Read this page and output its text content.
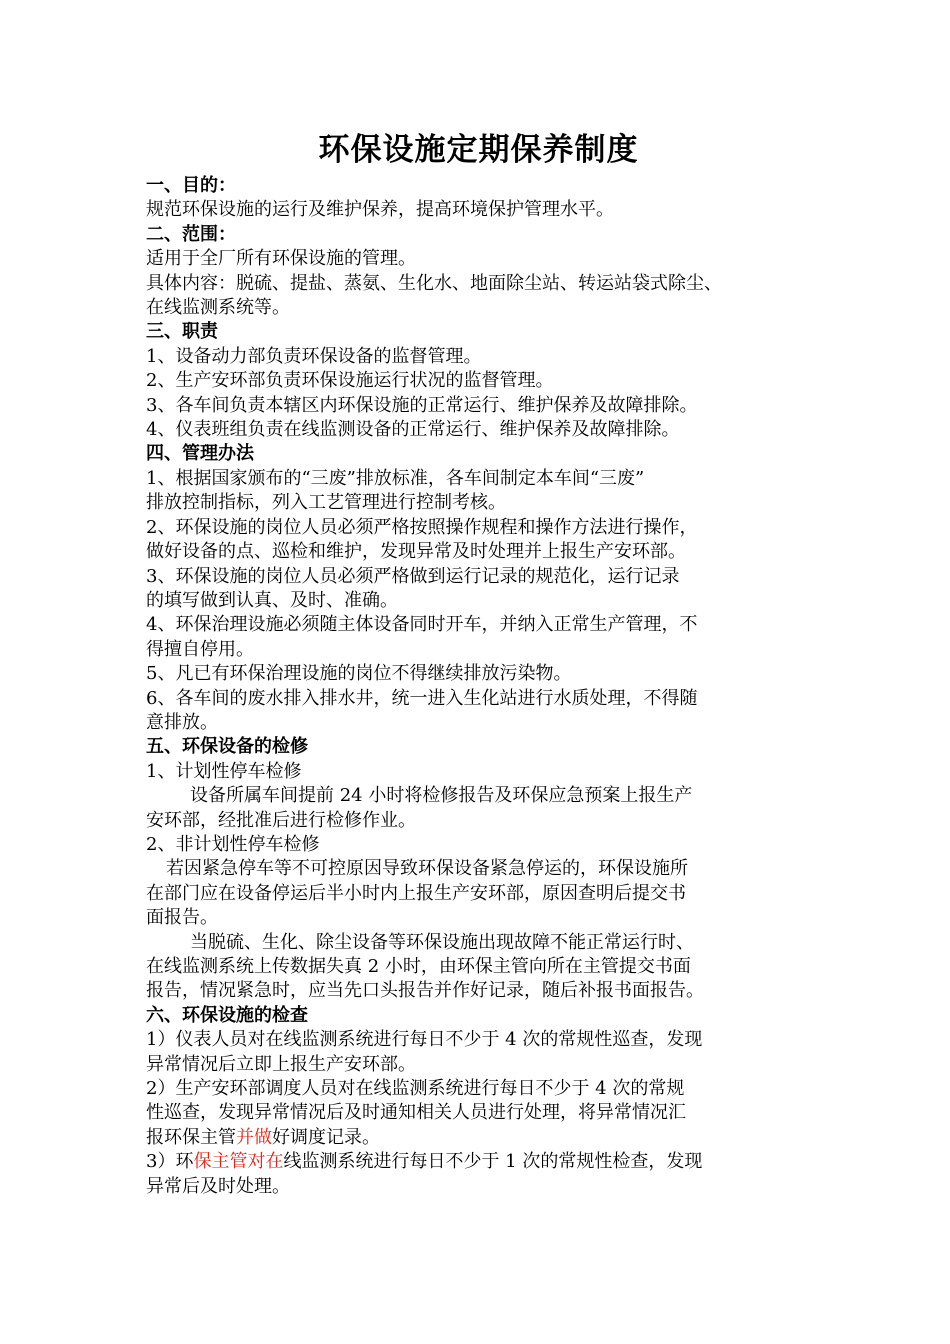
环保设施定期保养制度

一、目的：

规范环保设施的运行及维护保养，提高环境保护管理水平。

二、范围：

适用于全厂所有环保设施的管理。

具体内容：脱硫、提盐、蒸氨、生化水、地面除尘站、转运站袋式除尘、

在线监测系统等。

三、职责

1、设备动力部负责环保设备的监督管理。

2、生产安环部负责环保设施运行状况的监督管理。

3、各车间负责本辖区内环保设施的正常运行、维护保养及故障排除。

4、仪表班组负责在线监测设备的正常运行、维护保养及故障排除。

四、管理办法

1、根据国家颁布的“三废”排放标准，各车间制定本车间“三废”

排放控制指标，列入工艺管理进行控制考核。

2、环保设施的岗位人员必须严格按照操作规程和操作方法进行操作，

做好设备的点、巡检和维护，发现异常及时处理并上报生产安环部。

3、环保设施的岗位人员必须严格做到运行记录的规范化，运行记录

的填写做到认真、及时、准确。

4、环保治理设施必须随主体设备同时开车，并纳入正常生产管理，不

得擅自停用。

5、凡已有环保治理设施的岗位不得继续排放污染物。

6、各车间的废水排入排水井，统一进入生化站进行水质处理，不得随

意排放。

五、环保设备的检修

1、计划性停车检修

设备所属车间提前 24 小时将检修报告及环保应急预案上报生产

安环部，经批准后进行检修作业。

2、非计划性停车检修

若因紧急停车等不可控原因导致环保设备紧急停运的，环保设施所

在部门应在设备停运后半小时内上报生产安环部，原因查明后提交书

面报告。

当脱硫、生化、除尘设备等环保设施出现故障不能正常运行时、

在线监测系统上传数据失真 2 小时，由环保主管向所在主管提交书面

报告，情况紧急时，应当先口头报告并作好记录，随后补报书面报告。

六、环保设施的检查

1）仪表人员对在线监测系统进行每日不少于 4 次的常规性巡查，发现

异常情况后立即上报生产安环部。

2）生产安环部调度人员对在线监测系统进行每日不少于 4 次的常规

性巡查，发现异常情况后及时通知相关人员进行处理，将异常情况汇

报环保主管并做好调度记录。

3）环保主管对在线监测系统进行每日不少于 1 次的常规性检查，发现

异常后及时处理。
